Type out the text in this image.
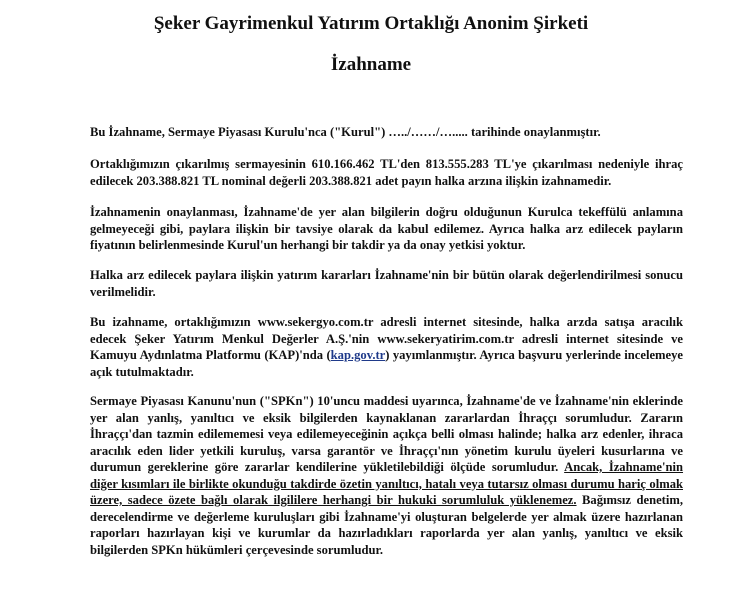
Şeker Gayrimenkul Yatırım Ortaklığı Anonim Şirketi
İzahname

Bu İzahname, Sermaye Piyasası Kurulu'nca ("Kurul") …../……/…..... tarihinde onaylanmıştır.

Ortaklığımızın çıkarılmış sermayesinin 610.166.462 TL'den 813.555.283 TL'ye çıkarılması nedeniyle ihraç edilecek 203.388.821 TL nominal değerli 203.388.821 adet payın halka arzına ilişkin izahnamedir.

İzahnamenin onaylanması, İzahname'de yer alan bilgilerin doğru olduğunun Kurulca tekeffülü anlamına gelmeyeceği gibi, paylara ilişkin bir tavsiye olarak da kabul edilemez. Ayrıca halka arz edilecek payların fiyatının belirlenmesinde Kurul'un herhangi bir takdir ya da onay yetkisi yoktur.

Halka arz edilecek paylara ilişkin yatırım kararları İzahname'nin bir bütün olarak değerlendirilmesi sonucu verilmelidir.

Bu izahname, ortaklığımızın www.sekergyo.com.tr adresli internet sitesinde, halka arzda satışa aracılık edecek Şeker Yatırım Menkul Değerler A.Ş.'nin www.sekeryatirim.com.tr adresli internet sitesinde ve Kamuyu Aydınlatma Platformu (KAP)'nda (kap.gov.tr) yayımlanmıştır. Ayrıca başvuru yerlerinde incelemeye açık tutulmaktadır.

Sermaye Piyasası Kanunu'nun ("SPKn") 10'uncu maddesi uyarınca, İzahname'de ve İzahname'nin eklerinde yer alan yanlış, yanıltıcı ve eksik bilgilerden kaynaklanan zararlardan İhraççı sorumludur. Zararın İhraççı'dan tazmin edilememesi veya edilemeyeceğinin açıkça belli olması halinde; halka arz edenler, ihraca aracılık eden lider yetkili kuruluş, varsa garantör ve İhraççı'nın yönetim kurulu üyeleri kusurlarına ve durumun gereklerine göre zararlar kendilerine yükletilebildiği ölçüde sorumludur. Ancak, İzahname'nin diğer kısımları ile birlikte okunduğu takdirde özetin yanıltıcı, hatalı veya tutarsız olması durumu hariç olmak üzere, sadece özete bağlı olarak ilgililere herhangi bir hukuki sorumluluk yüklenemez. Bağımsız denetim, derecelendirme ve değerleme kuruluşları gibi İzahname'yi oluşturan belgelerde yer almak üzere hazırlanan raporları hazırlayan kişi ve kurumlar da hazırladıkları raporlarda yer alan yanlış, yanıltıcı ve eksik bilgilerden SPKn hükümleri çerçevesinde sorumludur.
